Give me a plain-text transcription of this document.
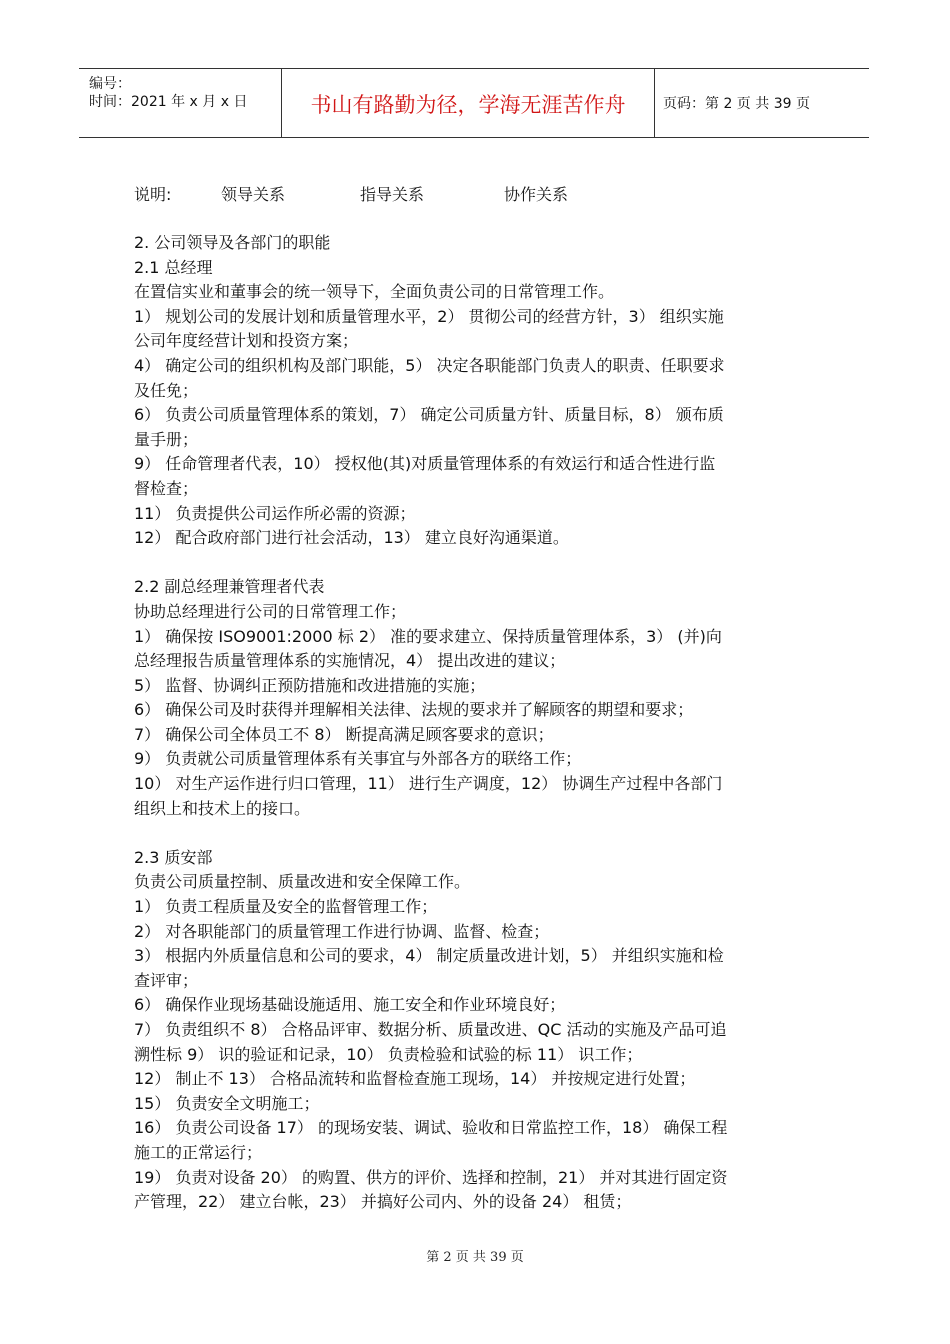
编号：
时间：2021 年 x 月 x 日	书山有路勤为径，学海无涯苦作舟	页码：第 2 页 共 39 页
说明:	领导关系	指导关系	协作关系
2. 公司领导及各部门的职能
2.1 总经理
在置信实业和董事会的统一领导下，全面负责公司的日常管理工作。
1） 规划公司的发展计划和质量管理水平，2） 贯彻公司的经营方针，3） 组织实施
公司年度经营计划和投资方案；
4） 确定公司的组织机构及部门职能，5） 决定各职能部门负责人的职责、任职要求
及任免；
6） 负责公司质量管理体系的策划，7） 确定公司质量方针、质量目标，8） 颁布质
量手册；
9） 任命管理者代表，10） 授权他(其)对质量管理体系的有效运行和适合性进行监
督检查；
11） 负责提供公司运作所必需的资源；
12） 配合政府部门进行社会活动，13） 建立良好沟通渠道。
2.2 副总经理兼管理者代表
协助总经理进行公司的日常管理工作；
1） 确保按 ISO9001:2000 标 2） 准的要求建立、保持质量管理体系，3） (并)向
总经理报告质量管理体系的实施情况，4） 提出改进的建议；
5） 监督、协调纠正预防措施和改进措施的实施；
6） 确保公司及时获得并理解相关法律、法规的要求并了解顾客的期望和要求；
7） 确保公司全体员工不 8） 断提高满足顾客要求的意识；
9） 负责就公司质量管理体系有关事宜与外部各方的联络工作；
10） 对生产运作进行归口管理，11） 进行生产调度，12） 协调生产过程中各部门
组织上和技术上的接口。
2.3 质安部
负责公司质量控制、质量改进和安全保障工作。
1） 负责工程质量及安全的监督管理工作；
2） 对各职能部门的质量管理工作进行协调、监督、检查；
3） 根据内外质量信息和公司的要求，4） 制定质量改进计划，5） 并组织实施和检
查评审；
6） 确保作业现场基础设施适用、施工安全和作业环境良好；
7） 负责组织不 8） 合格品评审、数据分析、质量改进、QC 活动的实施及产品可追
溯性标 9） 识的验证和记录，10） 负责检验和试验的标 11） 识工作；
12） 制止不 13） 合格品流转和监督检查施工现场，14） 并按规定进行处置；
15） 负责安全文明施工；
16） 负责公司设备 17） 的现场安装、调试、验收和日常监控工作，18） 确保工程
施工的正常运行；
19） 负责对设备 20） 的购置、供方的评价、选择和控制，21） 并对其进行固定资
产管理，22） 建立台帐，23） 并搞好公司内、外的设备 24） 租赁；
第 2 页 共 39 页
